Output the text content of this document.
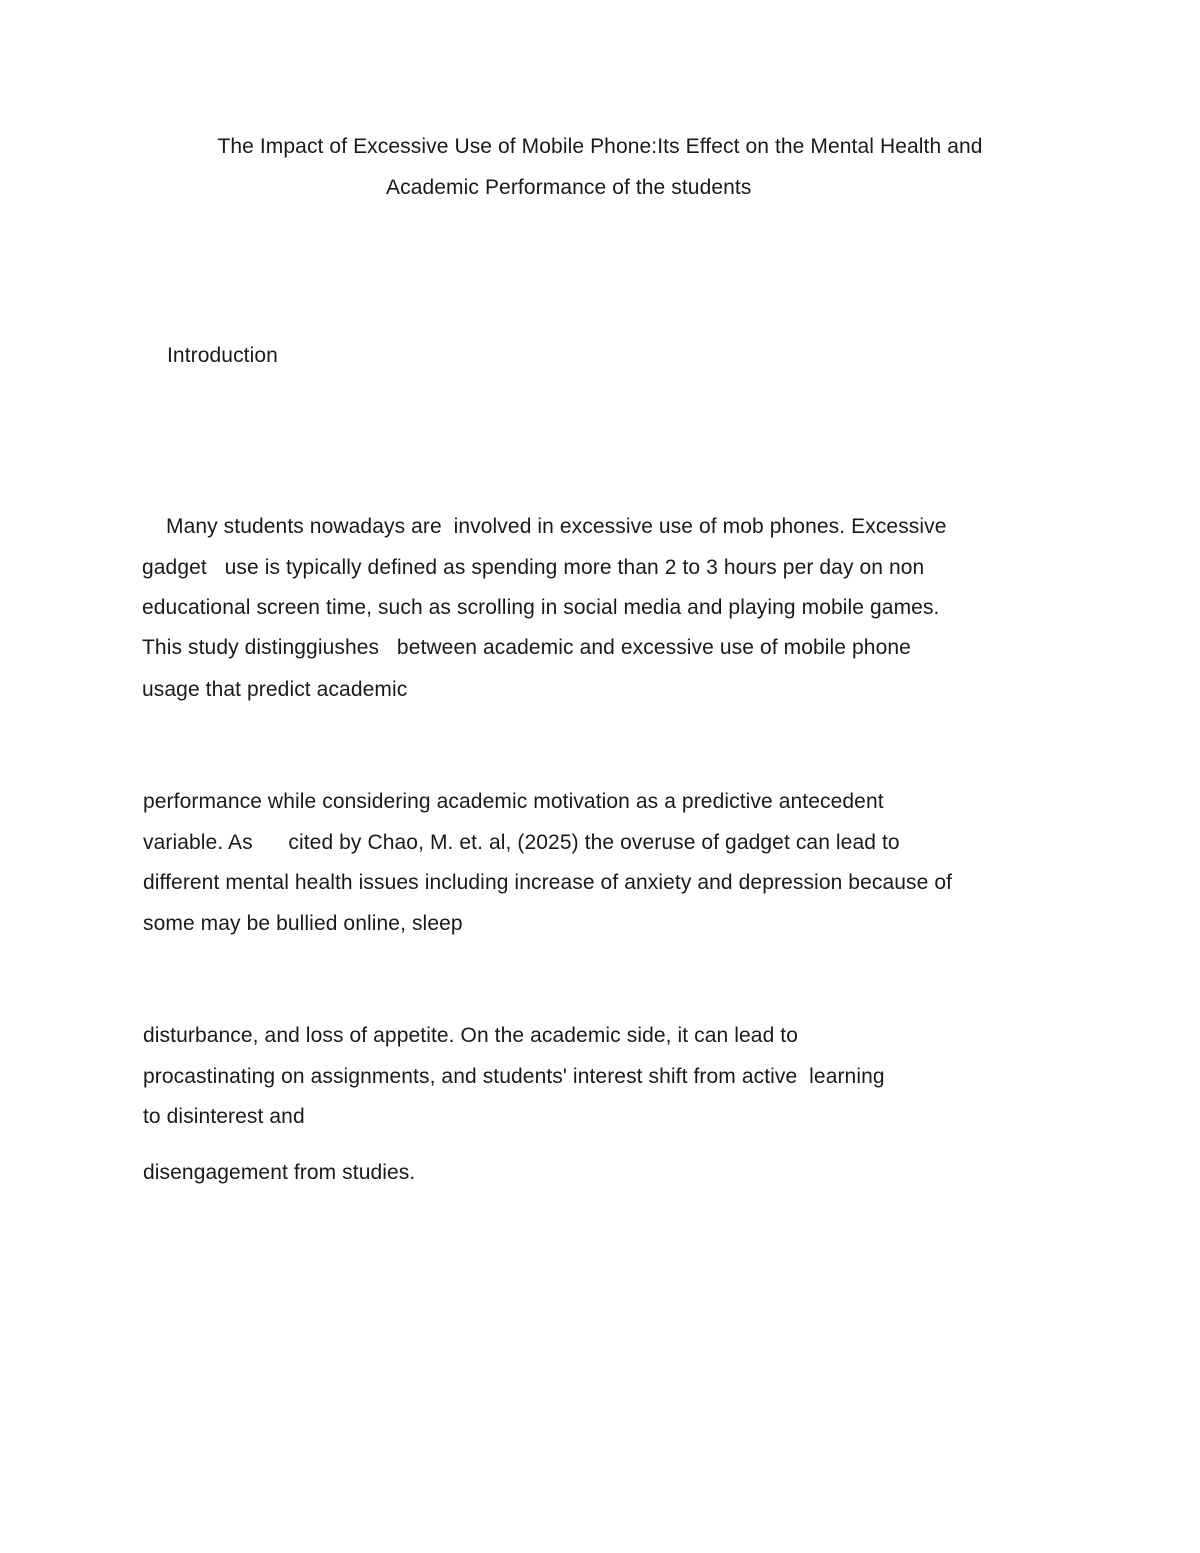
The Impact of Excessive Use of Mobile Phone:Its Effect on the Mental Health and
Academic Performance of the students
Introduction
Many students nowadays are  involved in excessive use of mob phones. Excessive
gadget   use is typically defined as spending more than 2 to 3 hours per day on non
educational screen time, such as scrolling in social media and playing mobile games.
This study distinggiushes   between academic and excessive use of mobile phone
usage that predict academic
performance while considering academic motivation as a predictive antecedent
variable. As      cited by Chao, M. et. al, (2025) the overuse of gadget can lead to
different mental health issues including increase of anxiety and depression because of
some may be bullied online, sleep
disturbance, and loss of appetite. On the academic side, it can lead to
procastinating on assignments, and students' interest shift from active  learning
to disinterest and
disengagement from studies.
